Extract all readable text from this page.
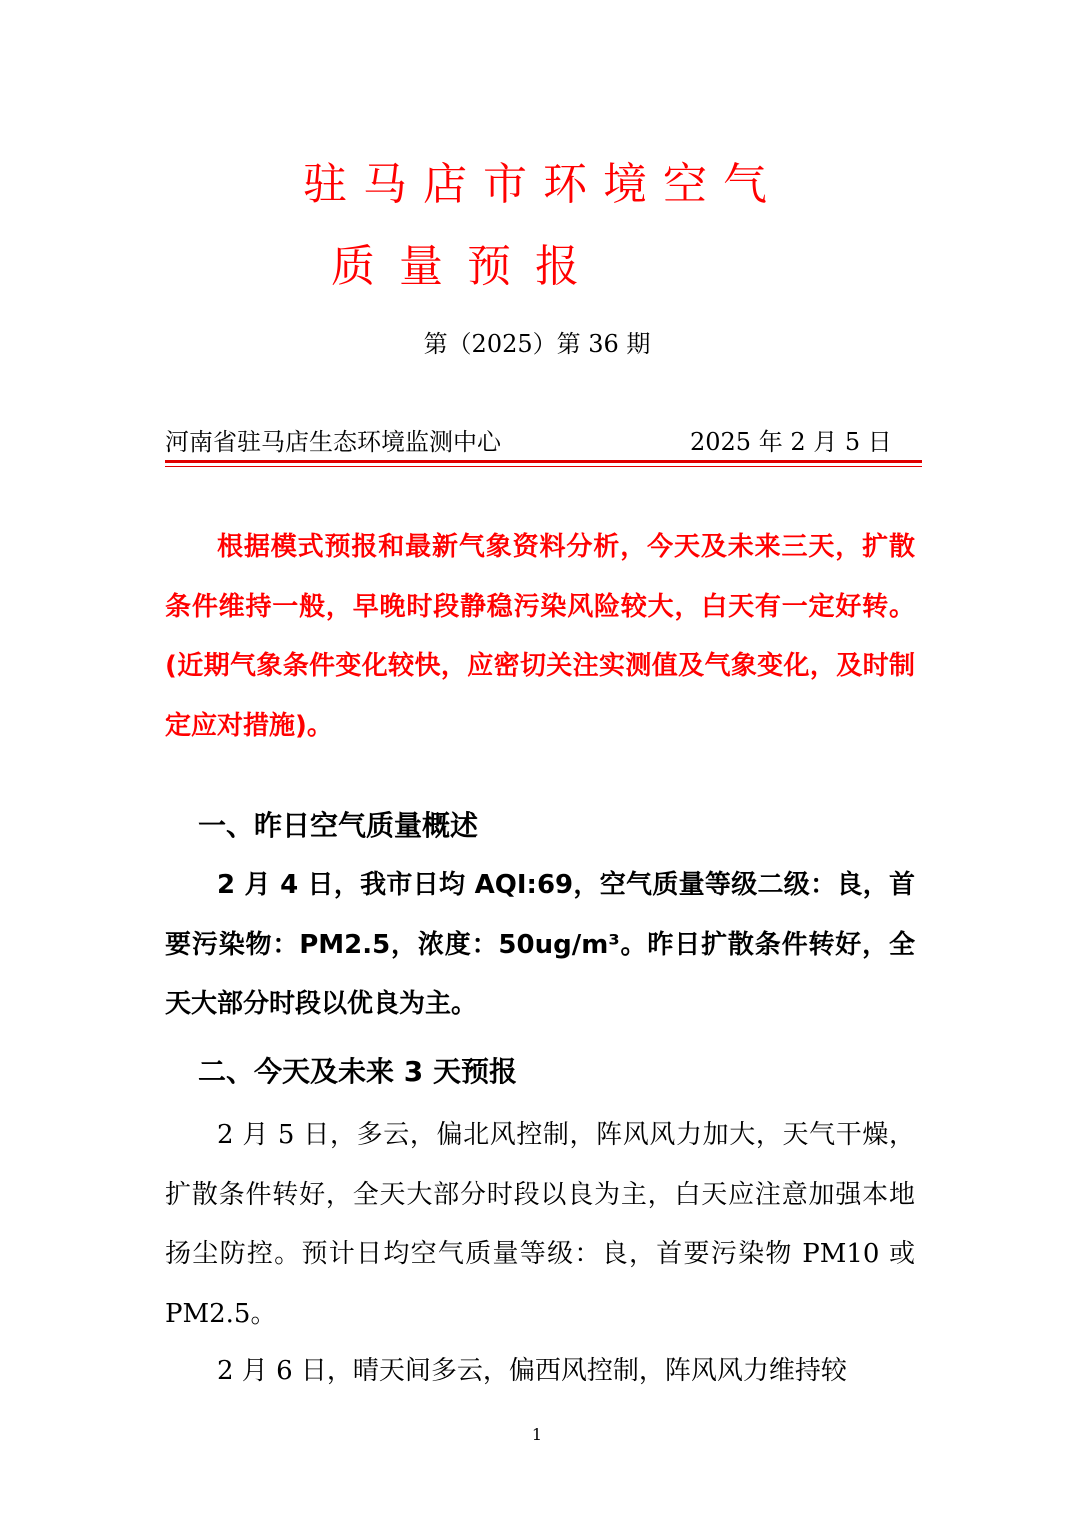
驻马店市环境空气
质量预报
第（2025）第 36 期
河南省驻马店生态环境监测中心	2025 年 2 月 5 日

根据模式预报和最新气象资料分析，今天及未来三天，扩散条件维持一般，早晚时段静稳污染风险较大，白天有一定好转。(近期气象条件变化较快，应密切关注实测值及气象变化，及时制定应对措施)。

一、昨日空气质量概述

2 月 4 日，我市日均 AQI:69，空气质量等级二级：良，首要污染物：PM2.5，浓度：50ug/m³。昨日扩散条件转好，全天大部分时段以优良为主。

二、今天及未来 3 天预报

2 月 5 日，多云，偏北风控制，阵风风力加大，天气干燥，扩散条件转好，全天大部分时段以良为主，白天应注意加强本地扬尘防控。预计日均空气质量等级：良，首要污染物 PM10 或 PM2.5。

2 月 6 日，晴天间多云，偏西风控制，阵风风力维持较

1
